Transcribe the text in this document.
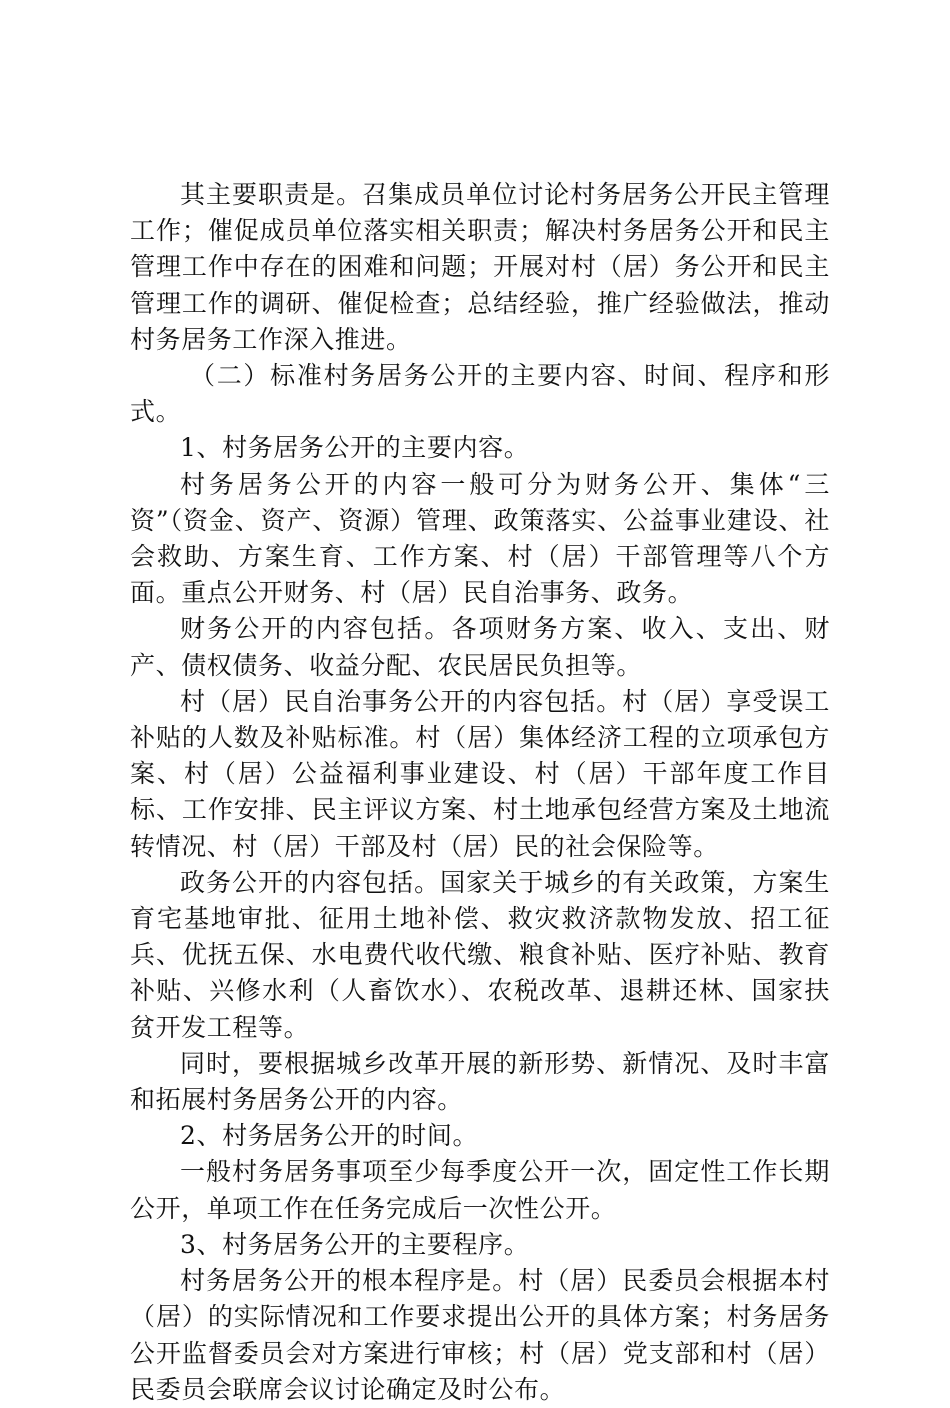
其主要职责是。召集成员单位讨论村务居务公开民主管理工作；催促成员单位落实相关职责；解决村务居务公开和民主管理工作中存在的困难和问题；开展对村（居）务公开和民主管理工作的调研、催促检查；总结经验，推广经验做法，推动村务居务工作深入推进。

（二）标准村务居务公开的主要内容、时间、程序和形式。

1、村务居务公开的主要内容。

村务居务公开的内容一般可分为财务公开、集体“三资”（资金、资产、资源）管理、政策落实、公益事业建设、社会救助、方案生育、工作方案、村（居）干部管理等八个方面。重点公开财务、村（居）民自治事务、政务。

财务公开的内容包括。各项财务方案、收入、支出、财产、债权债务、收益分配、农民居民负担等。

村（居）民自治事务公开的内容包括。村（居）享受误工补贴的人数及补贴标准。村（居）集体经济工程的立项承包方案、村（居）公益福利事业建设、村（居）干部年度工作目标、工作安排、民主评议方案、村土地承包经营方案及土地流转情况、村（居）干部及村（居）民的社会保险等。

政务公开的内容包括。国家关于城乡的有关政策，方案生育宅基地审批、征用土地补偿、救灾救济款物发放、招工征兵、优抚五保、水电费代收代缴、粮食补贴、医疗补贴、教育补贴、兴修水利（人畜饮水）、农税改革、退耕还林、国家扶贫开发工程等。

同时，要根据城乡改革开展的新形势、新情况、及时丰富和拓展村务居务公开的内容。

2、村务居务公开的时间。

一般村务居务事项至少每季度公开一次，固定性工作长期公开，单项工作在任务完成后一次性公开。

3、村务居务公开的主要程序。

村务居务公开的根本程序是。村（居）民委员会根据本村（居）的实际情况和工作要求提出公开的具体方案；村务居务公开监督委员会对方案进行审核；村（居）党支部和村（居）民委员会联席会议讨论确定及时公布。
